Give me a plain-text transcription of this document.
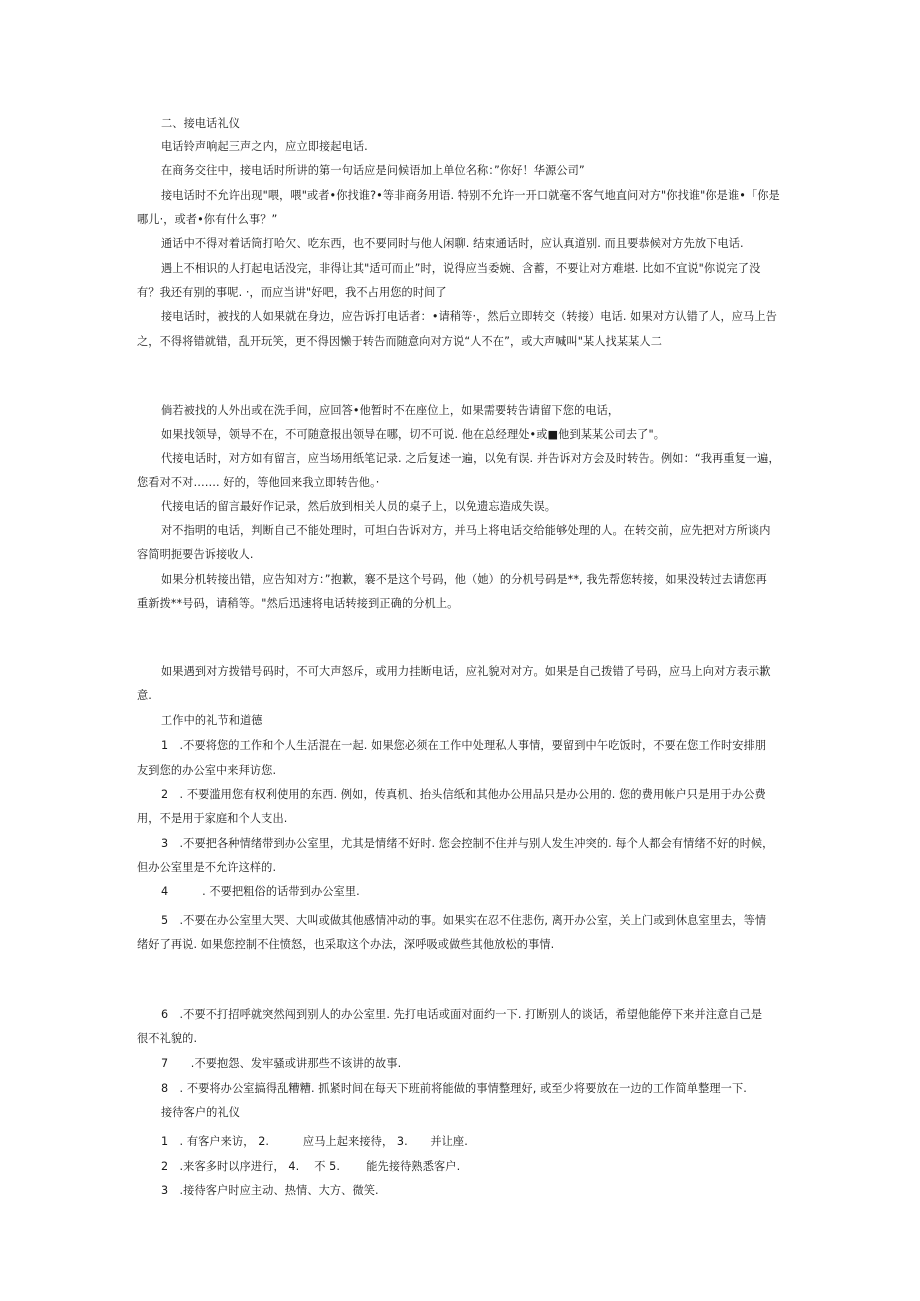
二、接电话礼仪
电话铃声响起三声之内，应立即接起电话.
在商务交往中，接电话时所讲的第一句话应是问候语加上单位名称：”你好！华源公司”
接电话时不允许出现"喂，喂"或者•你找谁?•等非商务用语. 特别不允许一开口就毫不客气地直问对方"你找谁"你是谁•「你是
哪儿·，或者•你有什么事？”
通话中不得对着话筒打哈欠、吃东西，也不要同时与他人闲聊. 结束通话时，应认真道别. 而且要恭候对方先放下电话.
遇上不相识的人打起电话没完，非得让其"适可而止”时，说得应当委婉、含蓄，不要让对方难堪. 比如不宜说"你说完了没
有？我还有别的事呢. ·，而应当讲"好吧，我不占用您的时间了
接电话时，被找的人如果就在身边，应告诉打电话者：•请稍等·，然后立即转交（转接）电话. 如果对方认错了人，应马上告
之，不得将错就错，乱开玩笑，更不得因懒于转告而随意向对方说“人不在”，或大声喊叫"某人找某某人二
倘若被找的人外出或在洗手间，应回答•他暂时不在座位上，如果需要转告请留下您的电话，
如果找领导，领导不在，不可随意报出领导在哪，切不可说. 他在总经理处•或■他到某某公司去了"。
代接电话时，对方如有留言，应当场用纸笔记录. 之后复述一遍，以免有误. 并告诉对方会及时转告。例如：“我再重复一遍，
您看对不对……. 好的，等他回来我立即转告他。·
代接电话的留言最好作记录，然后放到相关人员的桌子上，以免遗忘造成失误。
对不指明的电话，判断自己不能处理时，可坦白告诉对方，并马上将电话交给能够处理的人。在转交前，应先把对方所谈内
容简明扼要告诉接收人.
如果分机转接出错，应告知对方：”抱歉，褰不是这个号码，他（她）的分机号码是**, 我先帮您转接，如果没转过去请您再
重新拨**号码，请稍等。"然后迅速将电话转接到正确的分机上。
如果遇到对方拨错号码时，不可大声怒斥，或用力挂断电话，应礼貌对对方。如果是自己拨错了号码，应马上向对方表示歉
意.
工作中的礼节和道德
1　.不要将您的工作和个人生活混在一起. 如果您必须在工作中处理私人事情，要留到中午吃饭时，不要在您工作时安排朋
友到您的办公室中来拜访您.
2　. 不要滥用您有权利使用的东西. 例如，传真机、抬头信纸和其他办公用品只是办公用的. 您的费用帐户只是用于办公费
用，不是用于家庭和个人支出.
3　.不要把各种情绪带到办公室里，尤其是情绪不好时. 您会控制不住并与别人发生冲突的. 每个人都会有情绪不好的时候，
但办公室里是不允许这样的.
4　　　. 不要把粗俗的话带到办公室里.
5　.不要在办公室里大哭、大叫或做其他感情冲动的事。如果实在忍不住悲伤, 离开办公室，关上门或到休息室里去，等情
绪好了再说. 如果您控制不住愤怒，也采取这个办法，深呼吸或做些其他放松的事情.
6　.不要不打招呼就突然闯到别人的办公室里. 先打电话或面对面约一下. 打断别人的谈话，希望他能停下来并注意自己是
很不礼貌的.
7　　.不要抱怨、发牢骚或讲那些不该讲的故事.
8　. 不要将办公室搞得乱糟糟. 抓紧时间在每天下班前将能做的事情整理好, 或至少将要放在一边的工作简单整理一下.
接待客户的礼仪
1　. 有客户来访， 2.　　　应马上起来接待， 3.　　并让座.
2　.来客多时以序进行， 4.　 不 5.　　 能先接待熟悉客户.
3　.接待客户时应主动、热情、大方、微笑.
